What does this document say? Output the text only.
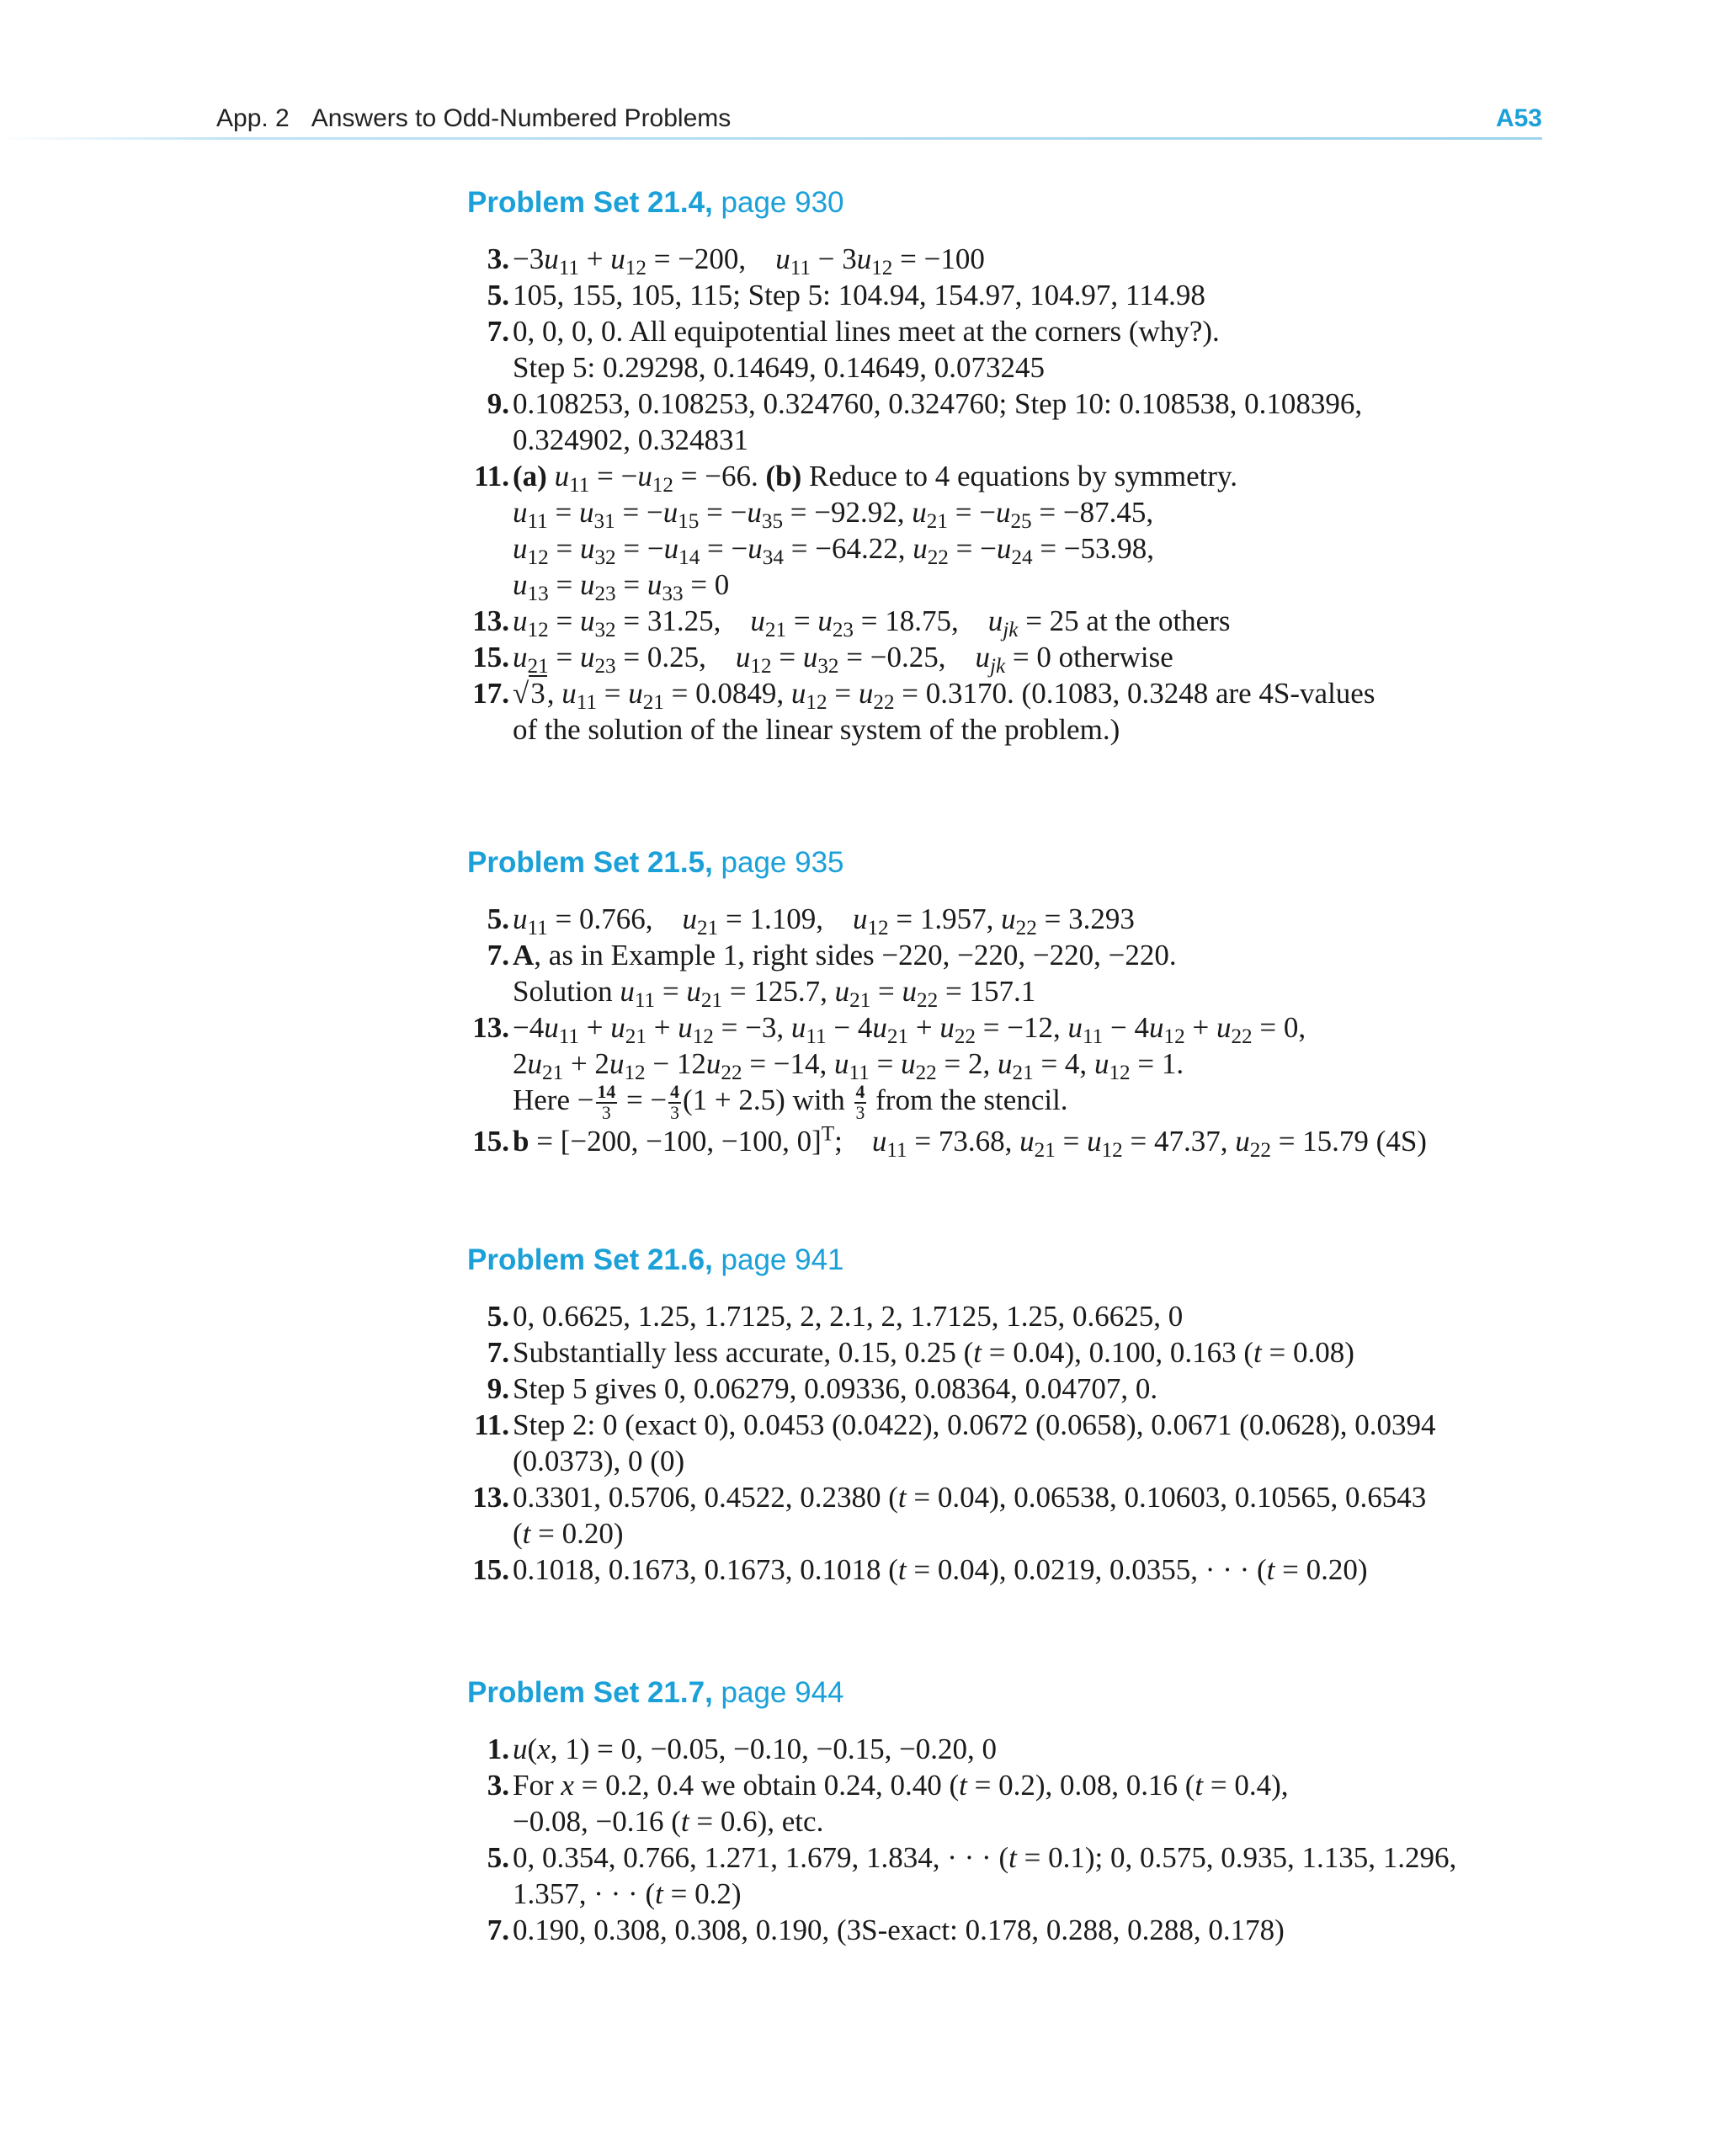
App. 2 Answers to Odd-Numbered Problems	A53
Problem Set 21.4, page 930
3. $-3u_{11} + u_{12} = -200$,    $u_{11} - 3u_{12} = -100$
5. 105, 155, 105, 115; Step 5: 104.94, 154.97, 104.97, 114.98
7. 0, 0, 0, 0. All equipotential lines meet at the corners (why?).
Step 5: 0.29298, 0.14649, 0.14649, 0.073245
9. 0.108253, 0.108253, 0.324760, 0.324760; Step 10: 0.108538, 0.108396,
0.324902, 0.324831
11. (a) $u_{11} = -u_{12} = -66$. (b) Reduce to 4 equations by symmetry.
$u_{11} = u_{31} = -u_{15} = -u_{35} = -92.92$, $u_{21} = -u_{25} = -87.45$,
$u_{12} = u_{32} = -u_{14} = -u_{34} = -64.22$, $u_{22} = -u_{24} = -53.98$,
$u_{13} = u_{23} = u_{33} = 0$
13. $u_{12} = u_{32} = 31.25$,    $u_{21} = u_{23} = 18.75$,    $u_{jk} = 25$ at the others
15. $u_{21} = u_{23} = 0.25$,    $u_{12} = u_{32} = -0.25$,    $u_{jk} = 0$ otherwise
17. √3, $u_{11} = u_{21} = 0.0849$, $u_{12} = u_{22} = 0.3170$. (0.1083, 0.3248 are 4S-values
of the solution of the linear system of the problem.)
Problem Set 21.5, page 935
5. $u_{11} = 0.766$,    $u_{21} = 1.109$,    $u_{12} = 1.957$, $u_{22} = 3.293$
7. A, as in Example 1, right sides −220, −220, −220, −220.
Solution $u_{11} = u_{21} = 125.7$, $u_{21} = u_{22} = 157.1$
13. $-4u_{11} + u_{21} + u_{12} = -3$, $u_{11} - 4u_{21} + u_{22} = -12$, $u_{11} - 4u_{12} + u_{22} = 0$,
$2u_{21} + 2u_{12} - 12u_{22} = -14$, $u_{11} = u_{22} = 2$, $u_{21} = 4$, $u_{12} = 1$.
Here − $\frac{14}{3}$ = − $\frac{4}{3} (1 + 2.5)$ with $\frac{4}{3}$ from the stencil.
15. b = [−200, −100, −100, 0]$^T$;    $u_{11} = 73.68$, $u_{21} = u_{12} = 47.37$, $u_{22} = 15.79$ (4S)
Problem Set 21.6, page 941
5. 0, 0.6625, 1.25, 1.7125, 2, 2.1, 2, 1.7125, 1.25, 0.6625, 0
7. Substantially less accurate, 0.15, 0.25 (t = 0.04), 0.100, 0.163 (t = 0.08)
9. Step 5 gives 0, 0.06279, 0.09336, 0.08364, 0.04707, 0.
11. Step 2: 0 (exact 0), 0.0453 (0.0422), 0.0672 (0.0658), 0.0671 (0.0628), 0.0394
(0.0373), 0 (0)
13. 0.3301, 0.5706, 0.4522, 0.2380 (t = 0.04), 0.06538, 0.10603, 0.10565, 0.6543
(t = 0.20)
15. 0.1018, 0.1673, 0.1673, 0.1018 (t = 0.04), 0.0219, 0.0355, · · · (t = 0.20)
Problem Set 21.7, page 944
1. u(x, 1) = 0, −0.05, −0.10, −0.15, −0.20, 0
3. For x = 0.2, 0.4 we obtain 0.24, 0.40 (t = 0.2), 0.08, 0.16 (t = 0.4),
−0.08, −0.16 (t = 0.6), etc.
5. 0, 0.354, 0.766, 1.271, 1.679, 1.834, · · · (t = 0.1); 0, 0.575, 0.935, 1.135, 1.296,
1.357, · · · (t = 0.2)
7. 0.190, 0.308, 0.308, 0.190, (3S-exact: 0.178, 0.288, 0.288, 0.178)
